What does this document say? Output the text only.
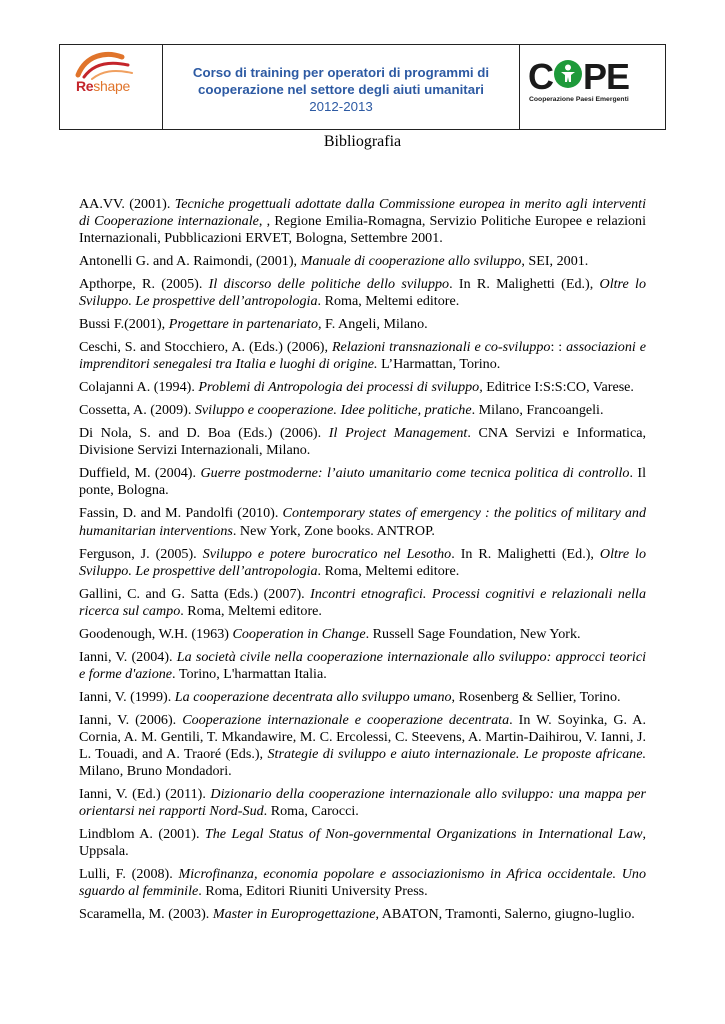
Reshape
Corso di training per operatori di programmi di
cooperazione nel settore degli aiuti umanitari
2012-2013
C PE
Cooperazione Paesi Emergenti
Bibliografia

AA.VV. (2001). Tecniche progettuali adottate dalla Commissione europea in merito agli interventi di Cooperazione internazionale, , Regione Emilia-Romagna, Servizio Politiche Europee e relazioni Internazionali, Pubblicazioni ERVET, Bologna, Settembre 2001.

Antonelli G. and A. Raimondi, (2001), Manuale di cooperazione allo sviluppo, SEI, 2001.

Apthorpe, R. (2005). Il discorso delle politiche dello sviluppo. In R. Malighetti (Ed.), Oltre lo Sviluppo. Le prospettive dell’antropologia. Roma, Meltemi editore.

Bussi F.(2001), Progettare in partenariato, F. Angeli, Milano.

Ceschi, S. and Stocchiero, A. (Eds.) (2006), Relazioni transnazionali e co-sviluppo: : associazioni e imprenditori senegalesi tra Italia e luoghi di origine. L’Harmattan, Torino.

Colajanni A. (1994). Problemi di Antropologia dei processi di sviluppo, Editrice I:S:S:CO, Varese.

Cossetta, A. (2009). Sviluppo e cooperazione. Idee politiche, pratiche. Milano, Francoangeli.

Di Nola, S. and D. Boa (Eds.) (2006). Il Project Management. CNA Servizi e Informatica, Divisione Servizi Internazionali, Milano.

Duffield, M. (2004). Guerre postmoderne: l’aiuto umanitario come tecnica politica di controllo. Il ponte, Bologna.

Fassin, D. and M. Pandolfi (2010). Contemporary states of emergency : the politics of military and humanitarian interventions. New York, Zone books. ANTROP.

Ferguson, J. (2005). Sviluppo e potere burocratico nel Lesotho. In R. Malighetti (Ed.), Oltre lo Sviluppo. Le prospettive dell’antropologia. Roma, Meltemi editore.

Gallini, C. and G. Satta (Eds.) (2007). Incontri etnografici. Processi cognitivi e relazionali nella ricerca sul campo. Roma, Meltemi editore.

Goodenough, W.H. (1963) Cooperation in Change. Russell Sage Foundation, New York.

Ianni, V. (2004). La società civile nella cooperazione internazionale allo sviluppo: approcci teorici e forme d'azione. Torino, L'harmattan Italia.

Ianni, V. (1999). La cooperazione decentrata allo sviluppo umano, Rosenberg & Sellier, Torino.

Ianni, V. (2006). Cooperazione internazionale e cooperazione decentrata. In W. Soyinka, G. A. Cornia, A. M. Gentili, T. Mkandawire, M. C. Ercolessi, C. Steevens, A. Martin-Daihirou, V. Ianni, J. L. Touadi, and A. Traoré (Eds.), Strategie di sviluppo e aiuto internazionale. Le proposte africane. Milano, Bruno Mondadori.

Ianni, V. (Ed.) (2011). Dizionario della cooperazione internazionale allo sviluppo: una mappa per orientarsi nei rapporti Nord-Sud. Roma, Carocci.

Lindblom A. (2001). The Legal Status of Non-governmental Organizations in International Law, Uppsala.

Lulli, F. (2008). Microfinanza, economia popolare e associazionismo in Africa occidentale. Uno sguardo al femminile. Roma, Editori Riuniti University Press.

Scaramella, M. (2003). Master in Europrogettazione, ABATON, Tramonti, Salerno, giugno-luglio.
